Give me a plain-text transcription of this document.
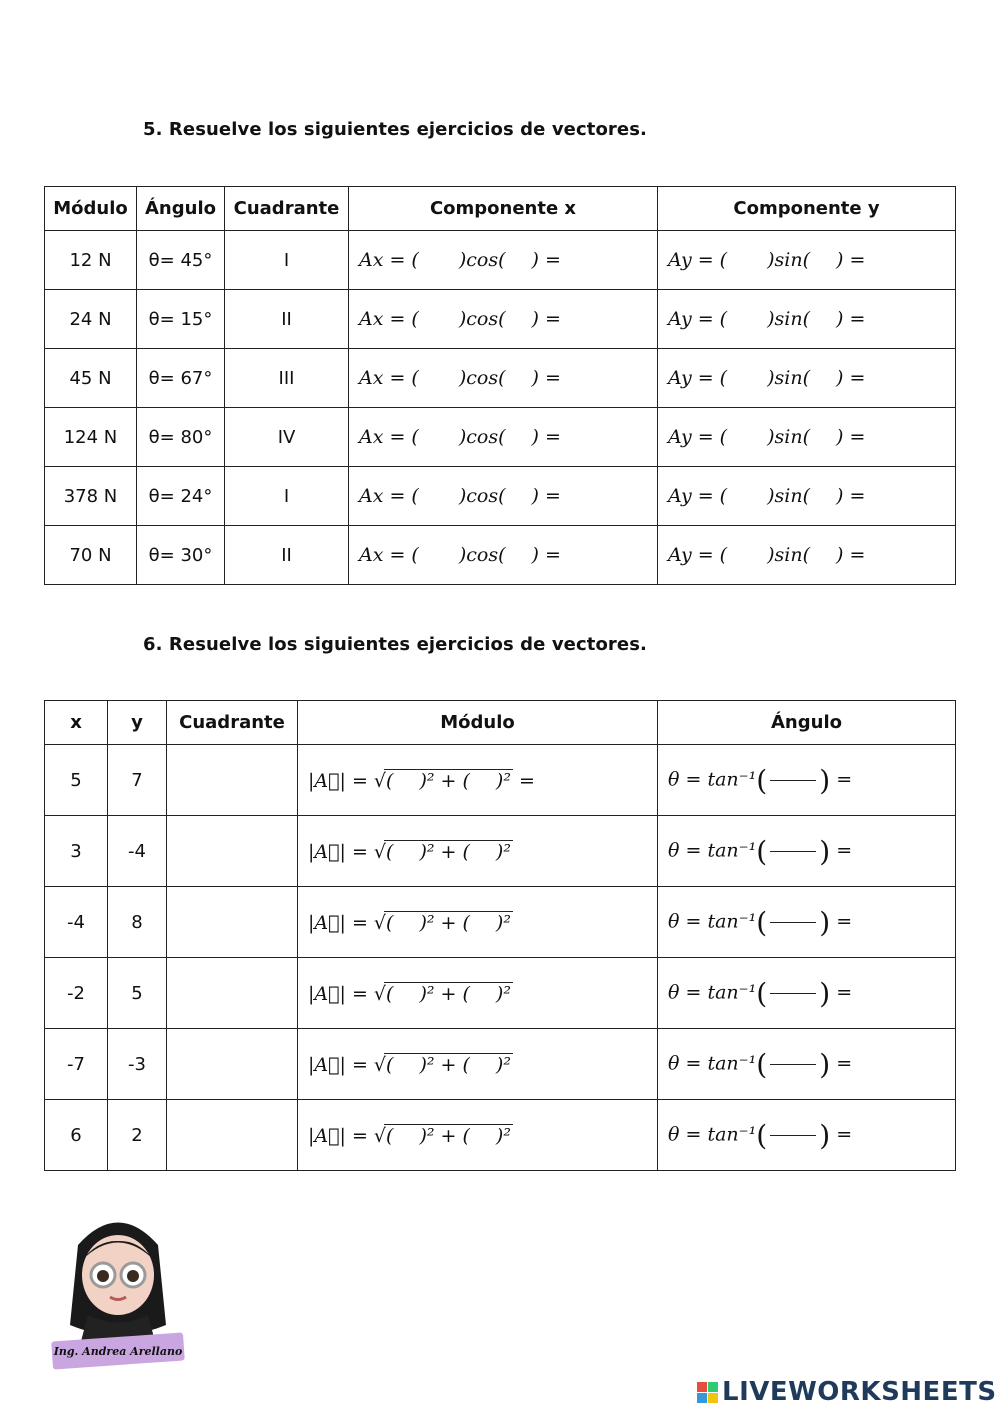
5. Resuelve los siguientes ejercicios de vectores.
Módulo	Ángulo	Cuadrante	Componente x	Componente y
12 N	θ= 45°	I	Ax = ( )cos( ) =	Ay = ( )sin( ) =
24 N	θ= 15°	II	Ax = ( )cos( ) =	Ay = ( )sin( ) =
45 N	θ= 67°	III	Ax = ( )cos( ) =	Ay = ( )sin( ) =
124 N	θ= 80°	IV	Ax = ( )cos( ) =	Ay = ( )sin( ) =
378 N	θ= 24°	I	Ax = ( )cos( ) =	Ay = ( )sin( ) =
70 N	θ= 30°	II	Ax = ( )cos( ) =	Ay = ( )sin( ) =
6. Resuelve los siguientes ejercicios de vectores.
x	y	Cuadrante	Módulo	Ángulo
5	7		|A⃗| = √( )² + ( )² =	θ = tan⁻¹( ) =
3	-4		|A⃗| = √( )² + ( )²	θ = tan⁻¹( ) =
-4	8		|A⃗| = √( )² + ( )²	θ = tan⁻¹( ) =
-2	5		|A⃗| = √( )² + ( )²	θ = tan⁻¹( ) =
-7	-3		|A⃗| = √( )² + ( )²	θ = tan⁻¹( ) =
6	2		|A⃗| = √( )² + ( )²	θ = tan⁻¹( ) =
Ing. Andrea Arellano
LIVEWORKSHEETS
